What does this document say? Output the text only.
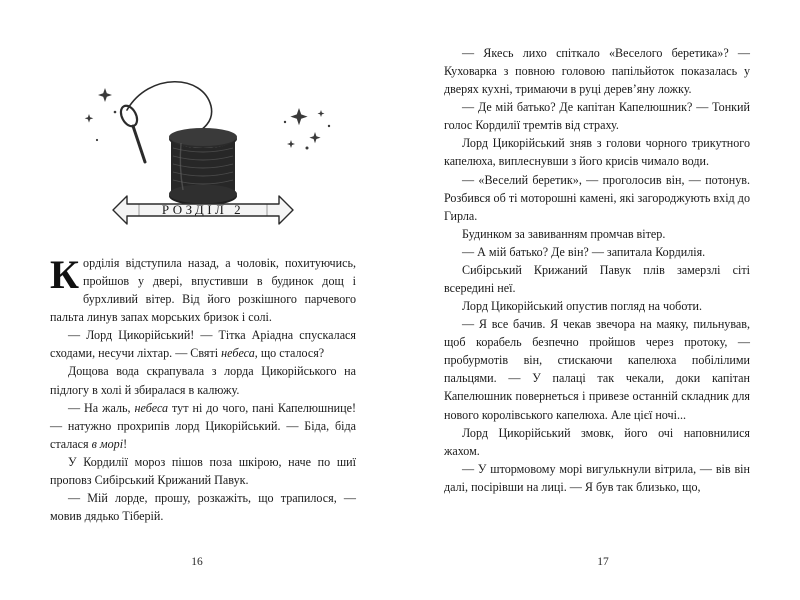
РОЗДІЛ 2

Корділія відступила назад, а чоловік, похитуючись, пройшов у двері, впустивши в будинок дощ і бурхливий вітер. Від його розкішного парчевого пальта линув запах морських бризок і солі.

— Лорд Цикорійський! — Тітка Аріадна спускалася сходами, несучи ліхтар. — Святі небеса, що сталося?

Дощова вода скрапувала з лорда Цикорійського на підлогу в холі й збиралася в калюжу.

— На жаль, небеса тут ні до чого, пані Капелюшнице! — натужно прохрипів лорд Цикорійський. — Біда, біда сталася в морі!

У Кордилії мороз пішов поза шкірою, наче по шиї проповз Сибірський Крижаний Павук.

— Мій лорде, прошу, розкажіть, що трапилося, — мовив дядько Тіберій.

16

— Якесь лихо спіткало «Веселого беретика»? — Куховарка з повною головою папільйоток показалась у дверях кухні, тримаючи в руці дерев’яну ложку.

— Де мій батько? Де капітан Капелюшник? — Тонкий голос Кордилії тремтів від страху.

Лорд Цикорійський зняв з голови чорного трикутного капелюха, виплеснувши з його крисів чимало води.

— «Веселий беретик», — проголосив він, — потонув. Розбився об ті моторошні камені, які загороджують вхід до Гирла.

Будинком за завиванням промчав вітер.

— А мій батько? Де він? — запитала Кордилія.

Сибірський Крижаний Павук плів замерзлі сіті всередині неї.

Лорд Цикорійський опустив погляд на чоботи.

— Я все бачив. Я чекав звечора на маяку, пильнував, щоб корабель безпечно пройшов через протоку, — пробурмотів він, стискаючи капелюха побілілими пальцями. — У палаці так чекали, доки капітан Капелюшник повернеться і привезе останній складник для нового королівського капелюха. Але цієї ночі...

Лорд Цикорійський змовк, його очі наповнилися жахом.

— У штормовому морі вигулькнули вітрила, — вів він далі, посірівши на лиці. — Я був так близько, що,

17
